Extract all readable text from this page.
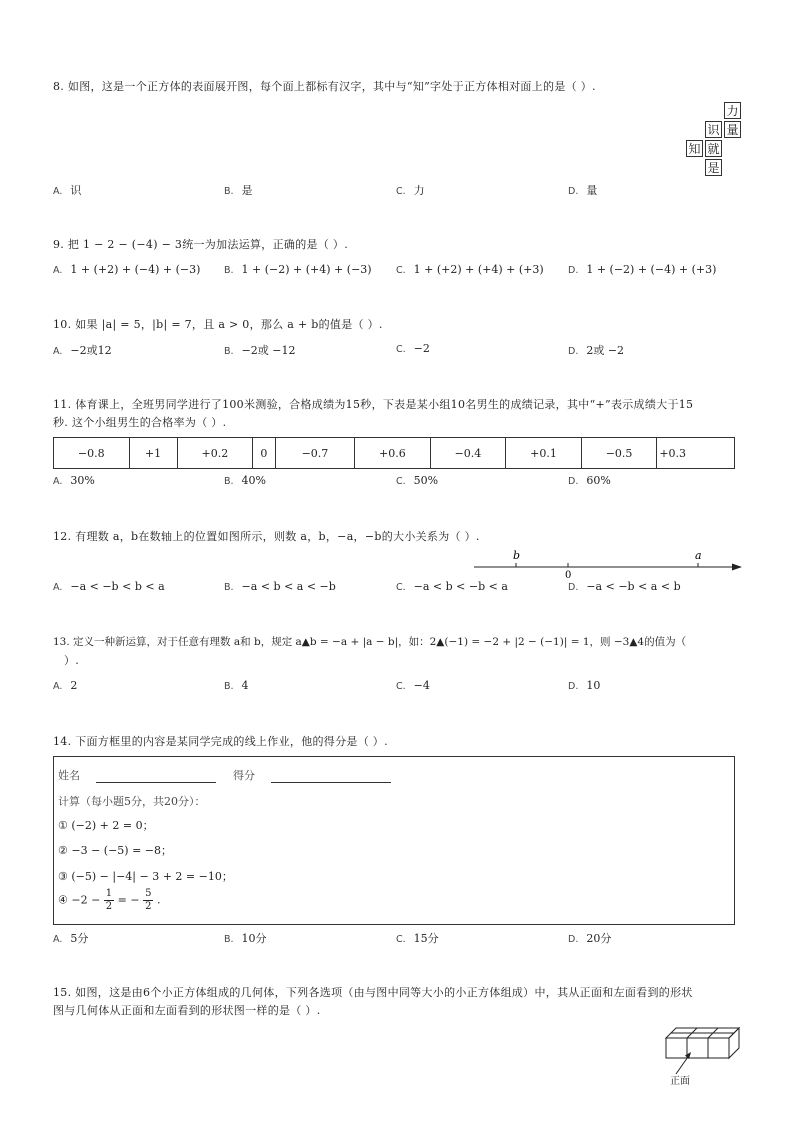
8. 如图，这是一个正方体的表面展开图，每个面上都标有汉字，其中与“知”字处于正方体相对面上的是（ ）.
力
量
识
就
知
是
A. 识	B. 是	C. 力	D. 量
9. 把 1 − 2 − (−4) − 3统一为加法运算，正确的是（ ）.
A. 1 + (+2) + (−4) + (−3) B. 1 + (−2) + (+4) + (−3)	C. 1 + (+2) + (+4) + (+3)	D. 1 + (−2) + (−4) + (+3)
10. 如果 |a| = 5，|b| = 7，且 a > 0，那么 a + b的值是（ ）.
A. −2或12	B. −2或 −12	C. −2	D. 2或 −2
11. 体育课上，全班男同学进行了100米测验，合格成绩为15秒，下表是某小组10名男生的成绩记录，其中“+”表示成绩大于15
秒. 这个小组男生的合格率为（ ）.
−0.8	+1	+0.2	0	−0.7	+0.6	−0.4	+0.1	−0.5	+0.3
A. 30%	B. 40%	C. 50%	D. 60%
12. 有理数 a，b在数轴上的位置如图所示，则数 a，b，−a，−b的大小关系为（ ）.
b
0
a
A. −a < −b < b < a	B. −a < b < a < −b	C. −a < b < −b < a	D. −a < −b < a < b
13. 定义一种新运算，对于任意有理数 a和 b，规定 a▲b = −a + |a − b|，如：2▲(−1) = −2 + |2 − (−1)| = 1，则 −3▲4的值为（
）.
A. 2	B. 4	C. −4	D. 10
14. 下面方框里的内容是某同学完成的线上作业，他的得分是（ ）.
姓名	得分
计算（每小题5分，共20分）：
① (−2) + 2 = 0；
② −3 − (−5) = −8；
③ (−5) − |−4| − 3 + 2 = −10；
④ $-2 - \frac{1}{2}$ = − $\frac{5}{2}$ .
A. 5分	B. 10分	C. 15分	D. 20分
15. 如图，这是由6个小正方体组成的几何体，下列各选项（由与图中同等大小的小正方体组成）中，其从正面和左面看到的形状
图与几何体从正面和左面看到的形状图一样的是（ ）.
正面
